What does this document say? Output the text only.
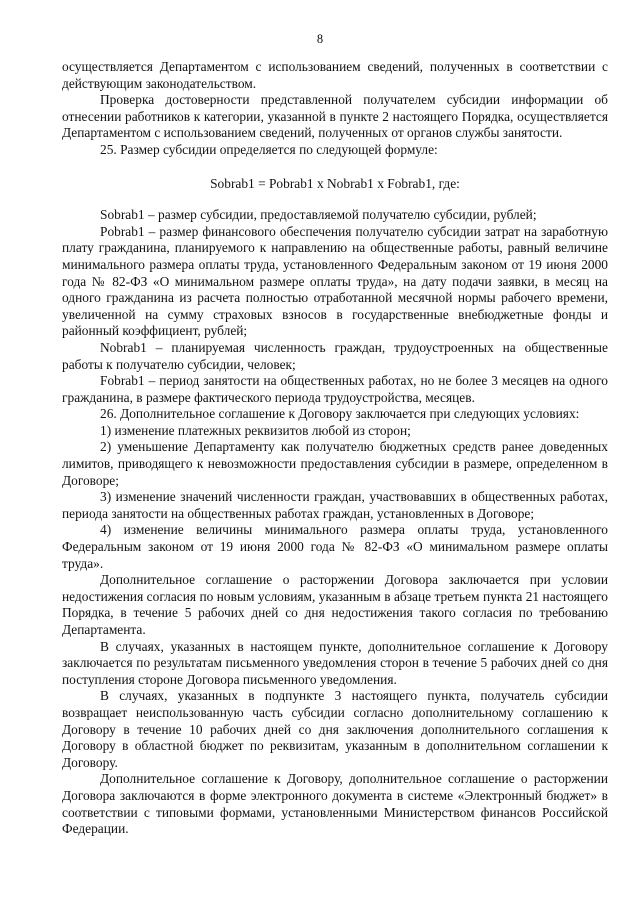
8

осуществляется Департаментом с использованием сведений, полученных в соответствии с действующим законодательством.

Проверка достоверности представленной получателем субсидии информации об отнесении работников к категории, указанной в пункте 2 настоящего Порядка, осуществляется Департаментом с использованием сведений, полученных от органов службы занятости.

25. Размер субсидии определяется по следующей формуле:

Sobrab1 = Pobrab1 x Nobrab1 x Fobrab1, где:

Sobrab1 – размер субсидии, предоставляемой получателю субсидии, рублей;

Pobrab1 – размер финансового обеспечения получателю субсидии затрат на заработную плату гражданина, планируемого к направлению на общественные работы, равный величине минимального размера оплаты труда, установленного Федеральным законом от 19 июня 2000 года № 82-ФЗ «О минимальном размере оплаты труда», на дату подачи заявки, в месяц на одного гражданина из расчета полностью отработанной месячной нормы рабочего времени, увеличенной на сумму страховых взносов в государственные внебюджетные фонды и районный коэффициент, рублей;

Nobrab1 – планируемая численность граждан, трудоустроенных на общественные работы к получателю субсидии, человек;

Fobrab1 – период занятости на общественных работах, но не более 3 месяцев на одного гражданина, в размере фактического периода трудоустройства, месяцев.

26. Дополнительное соглашение к Договору заключается при следующих условиях:

1) изменение платежных реквизитов любой из сторон;

2) уменьшение Департаменту как получателю бюджетных средств ранее доведенных лимитов, приводящего к невозможности предоставления субсидии в размере, определенном в Договоре;

3) изменение значений численности граждан, участвовавших в общественных работах, периода занятости на общественных работах граждан, установленных в Договоре;

4) изменение величины минимального размера оплаты труда, установленного Федеральным законом от 19 июня 2000 года № 82-ФЗ «О минимальном размере оплаты труда».

Дополнительное соглашение о расторжении Договора заключается при условии недостижения согласия по новым условиям, указанным в абзаце третьем пункта 21 настоящего Порядка, в течение 5 рабочих дней со дня недостижения такого согласия по требованию Департамента.

В случаях, указанных в настоящем пункте, дополнительное соглашение к Договору заключается по результатам письменного уведомления сторон в течение 5 рабочих дней со дня поступления стороне Договора письменного уведомления.

В случаях, указанных в подпункте 3 настоящего пункта, получатель субсидии возвращает неиспользованную часть субсидии согласно дополнительному соглашению к Договору в течение 10 рабочих дней со дня заключения дополнительного соглашения к Договору в областной бюджет по реквизитам, указанным в дополнительном соглашении к Договору.

Дополнительное соглашение к Договору, дополнительное соглашение о расторжении Договора заключаются в форме электронного документа в системе «Электронный бюджет» в соответствии с типовыми формами, установленными Министерством финансов Российской Федерации.
